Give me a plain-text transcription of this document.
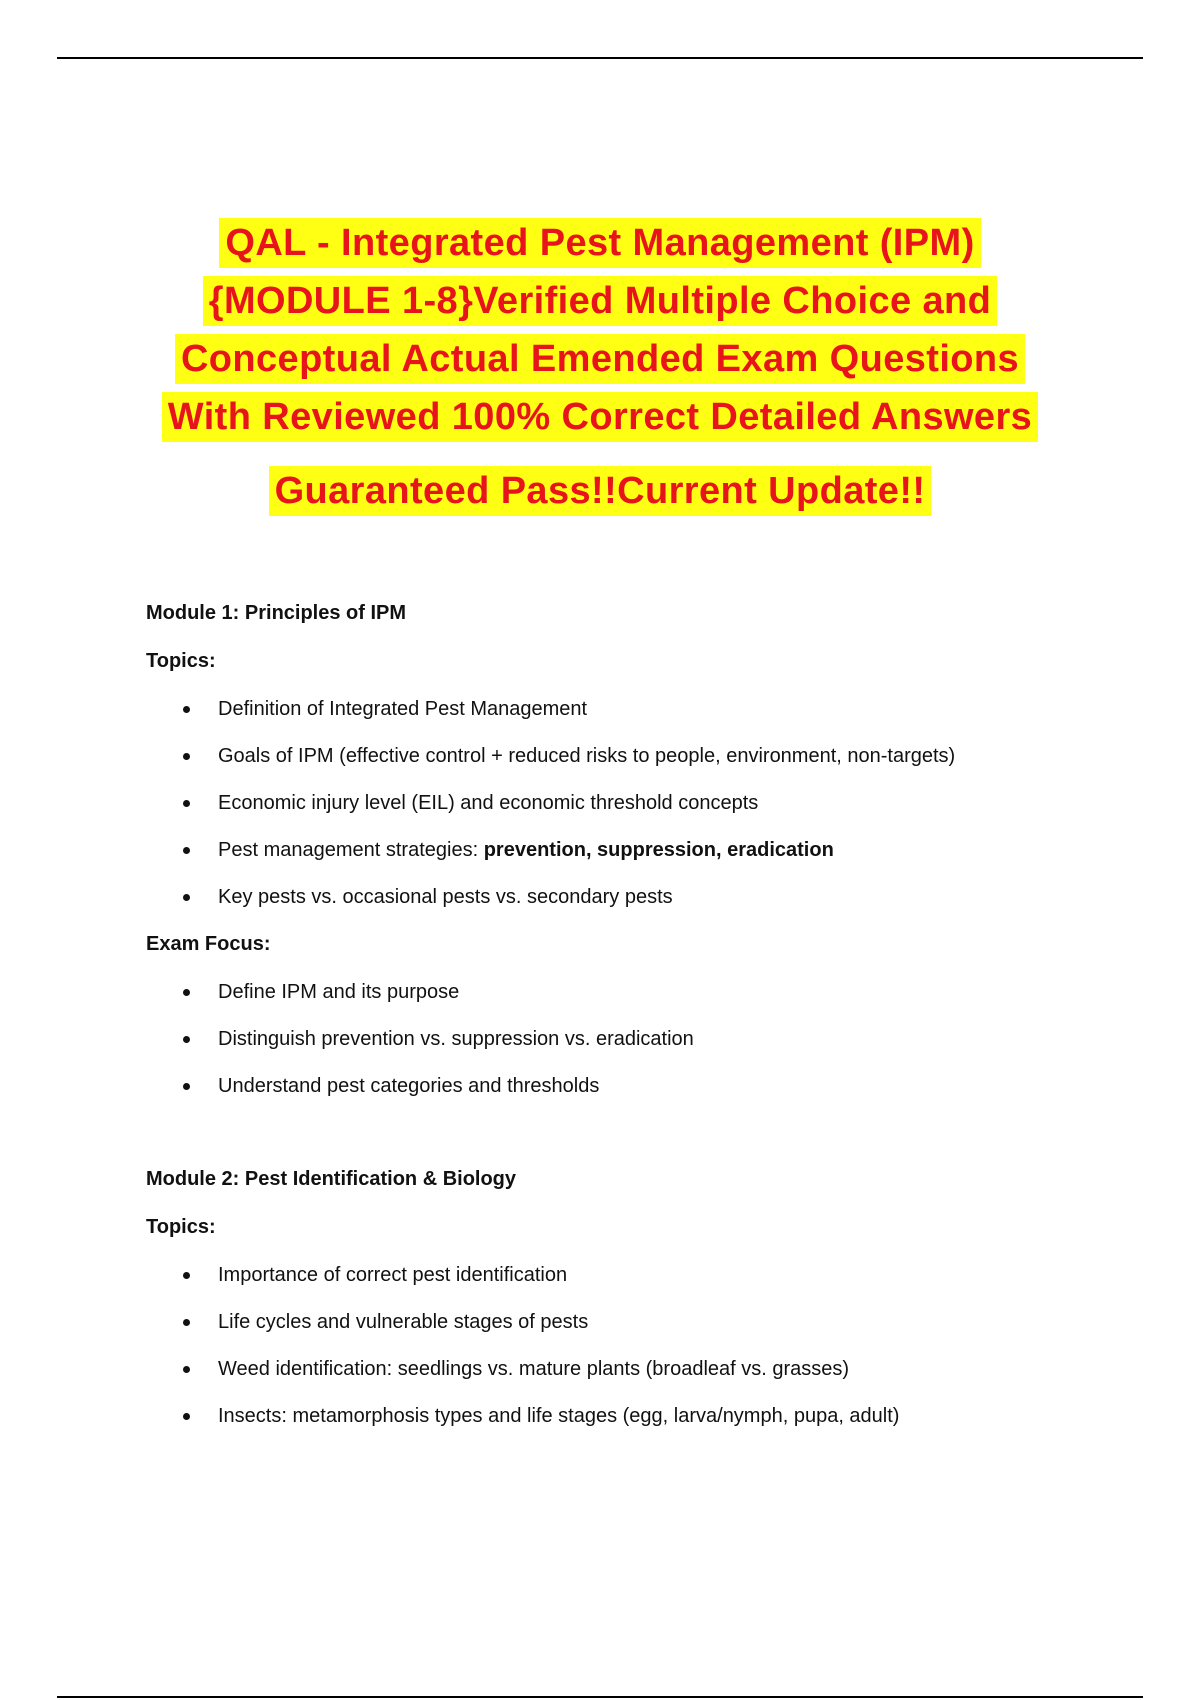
QAL - Integrated Pest Management (IPM)
{MODULE 1-8}Verified Multiple Choice and
Conceptual Actual Emended Exam Questions
With Reviewed 100% Correct Detailed Answers
Guaranteed Pass!!Current Update!!
Module 1: Principles of IPM
Topics:
Definition of Integrated Pest Management
Goals of IPM (effective control + reduced risks to people, environment, non-targets)
Economic injury level (EIL) and economic threshold concepts
Pest management strategies: prevention, suppression, eradication
Key pests vs. occasional pests vs. secondary pests
Exam Focus:
Define IPM and its purpose
Distinguish prevention vs. suppression vs. eradication
Understand pest categories and thresholds
Module 2: Pest Identification & Biology
Topics:
Importance of correct pest identification
Life cycles and vulnerable stages of pests
Weed identification: seedlings vs. mature plants (broadleaf vs. grasses)
Insects: metamorphosis types and life stages (egg, larva/nymph, pupa, adult)
